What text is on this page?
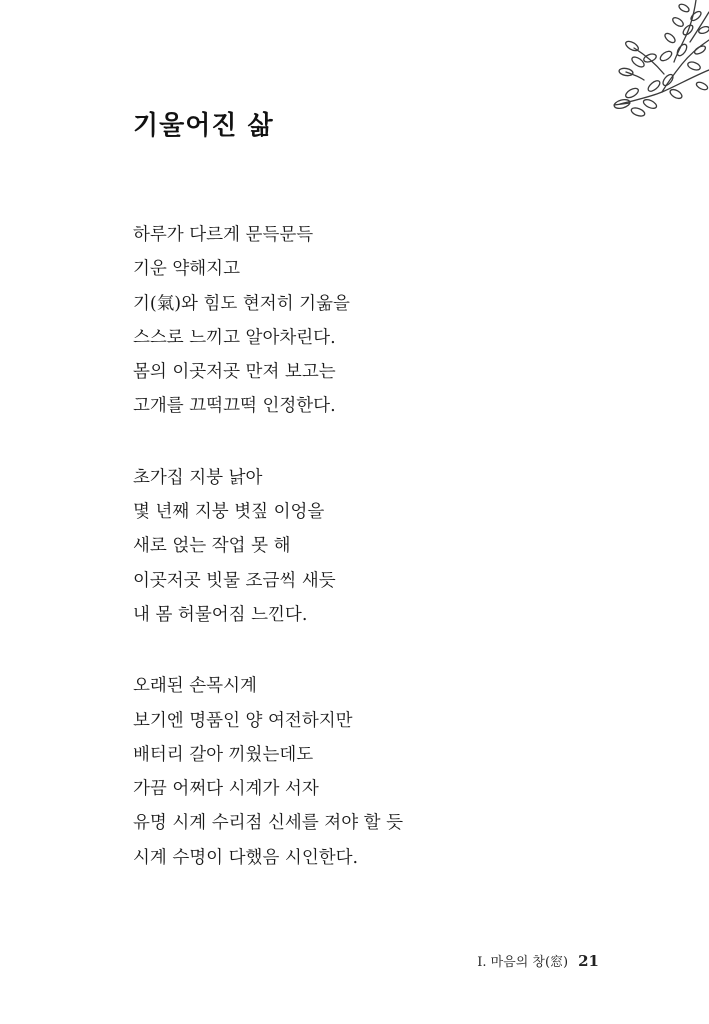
기울어진 삶
하루가 다르게 문득문득
기운 약해지고
기(氣)와 힘도 현저히 기욺을
스스로 느끼고 알아차린다.
몸의 이곳저곳 만져 보고는
고개를 끄떡끄떡 인정한다.
초가집 지붕 낡아
몇 년째 지붕 볏짚 이엉을
새로 얹는 작업 못 해
이곳저곳 빗물 조금씩 새듯
내 몸 허물어짐 느낀다.
오래된 손목시계
보기엔 명품인 양 여전하지만
배터리 갈아 끼웠는데도
가끔 어쩌다 시계가 서자
유명 시계 수리점 신세를 져야 할 듯
시계 수명이 다했음 시인한다.
Ⅰ. 마음의 창(窓) 21
